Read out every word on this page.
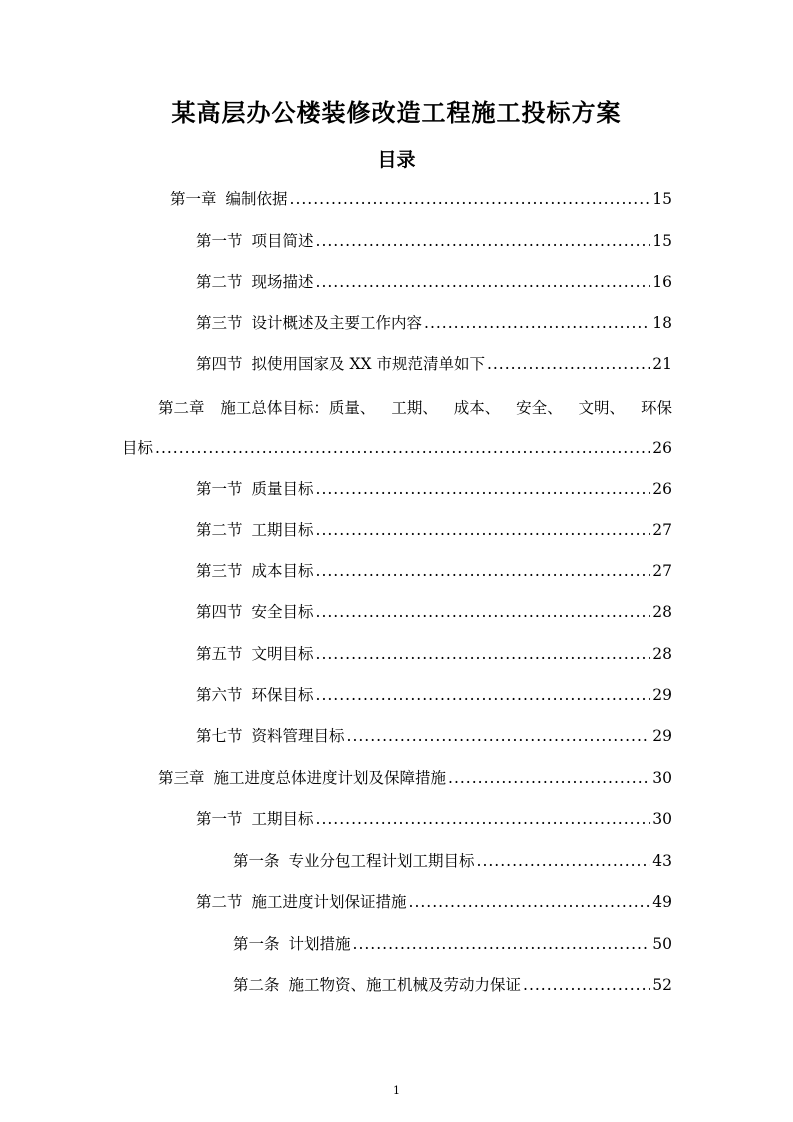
某高层办公楼装修改造工程施工投标方案
目录
第一章 编制依据 .....	15
第一节 项目简述 .....	15
第二节 现场描述 .....	16
第三节 设计概述及主要工作内容 .....	18
第四节 拟使用国家及 XX 市规范清单如下 .....	21
第二章 施工总体目标：质量、 工期、 成本、 安全、 文明、 环保
目标 .....	26
第一节 质量目标 .....	26
第二节 工期目标 .....	27
第三节 成本目标 .....	27
第四节 安全目标 .....	28
第五节 文明目标 .....	28
第六节 环保目标 .....	29
第七节 资料管理目标 .....	29
第三章 施工进度总体进度计划及保障措施 .....	30
第一节 工期目标 .....	30
第一条 专业分包工程计划工期目标 .....	43
第二节 施工进度计划保证措施 .....	49
第一条 计划措施 .....	50
第二条 施工物资、施工机械及劳动力保证 .....	52
1
